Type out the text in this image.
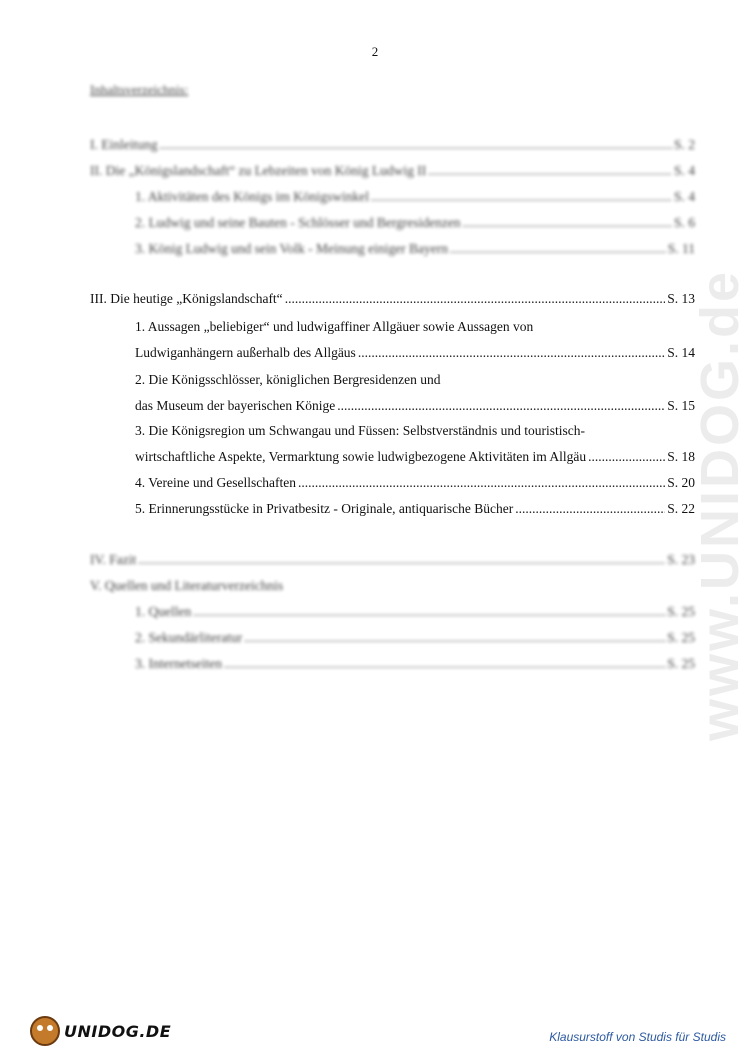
2
Inhaltsverzeichnis:
I. Einleitung .....	S. 2
II. Die „Königslandschaft“ zu Lebzeiten von König Ludwig II .....	S. 4
1. Aktivitäten des Königs im Königswinkel .....	S. 4
2. Ludwig und seine Bauten - Schlösser und Bergresidenzen .....	S. 6
3. König Ludwig und sein Volk - Meinung einiger Bayern .....	S. 11
III. Die heutige „Königslandschaft“ .....	S. 13
1. Aussagen „beliebiger“ und ludwigaffiner Allgäuer sowie Aussagen von
Ludwiganhängern außerhalb des Allgäus .....	S. 14
2. Die Königsschlösser, königlichen Bergresidenzen und
das Museum der bayerischen Könige .....	S. 15
3. Die Königsregion um Schwangau und Füssen: Selbstverständnis und touristisch-
wirtschaftliche Aspekte, Vermarktung sowie ludwigbezogene Aktivitäten im Allgäu .....	S. 18
4. Vereine und Gesellschaften .....	S. 20
5. Erinnerungsstücke in Privatbesitz - Originale, antiquarische Bücher .....	S. 22
IV. Fazit .....	S. 23
V. Quellen und Literaturverzeichnis
1. Quellen .....	S. 25
2. Sekundärliteratur .....	S. 25
3. Internetseiten .....	S. 25
www.UNIDOG.de
UNIDOG.DE	Klausurstoff von Studis für Studis
